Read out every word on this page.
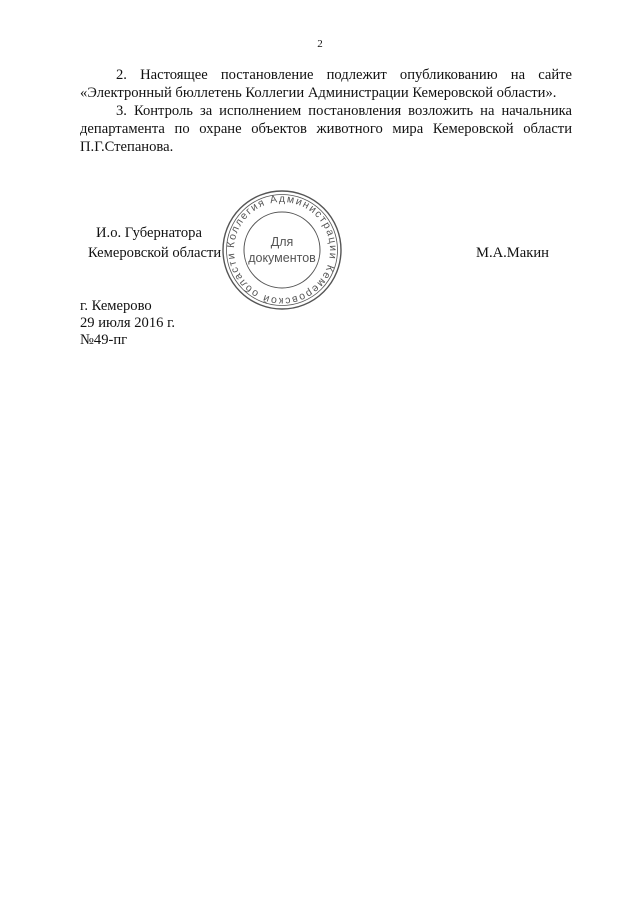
2

2. Настоящее постановление подлежит опубликованию на сайте «Электронный бюллетень Коллегии Администрации Кемеровской области».

3. Контроль за исполнением постановления возложить на начальника департамента по охране объектов животного мира Кемеровской области П.Г.Степанова.

И.о. Губернатора
Кемеровской области	М.А.Макин
Коллегия Администрации Кемеровской области
Для
документов
г. Кемерово
29 июля 2016 г.
№49-пг
